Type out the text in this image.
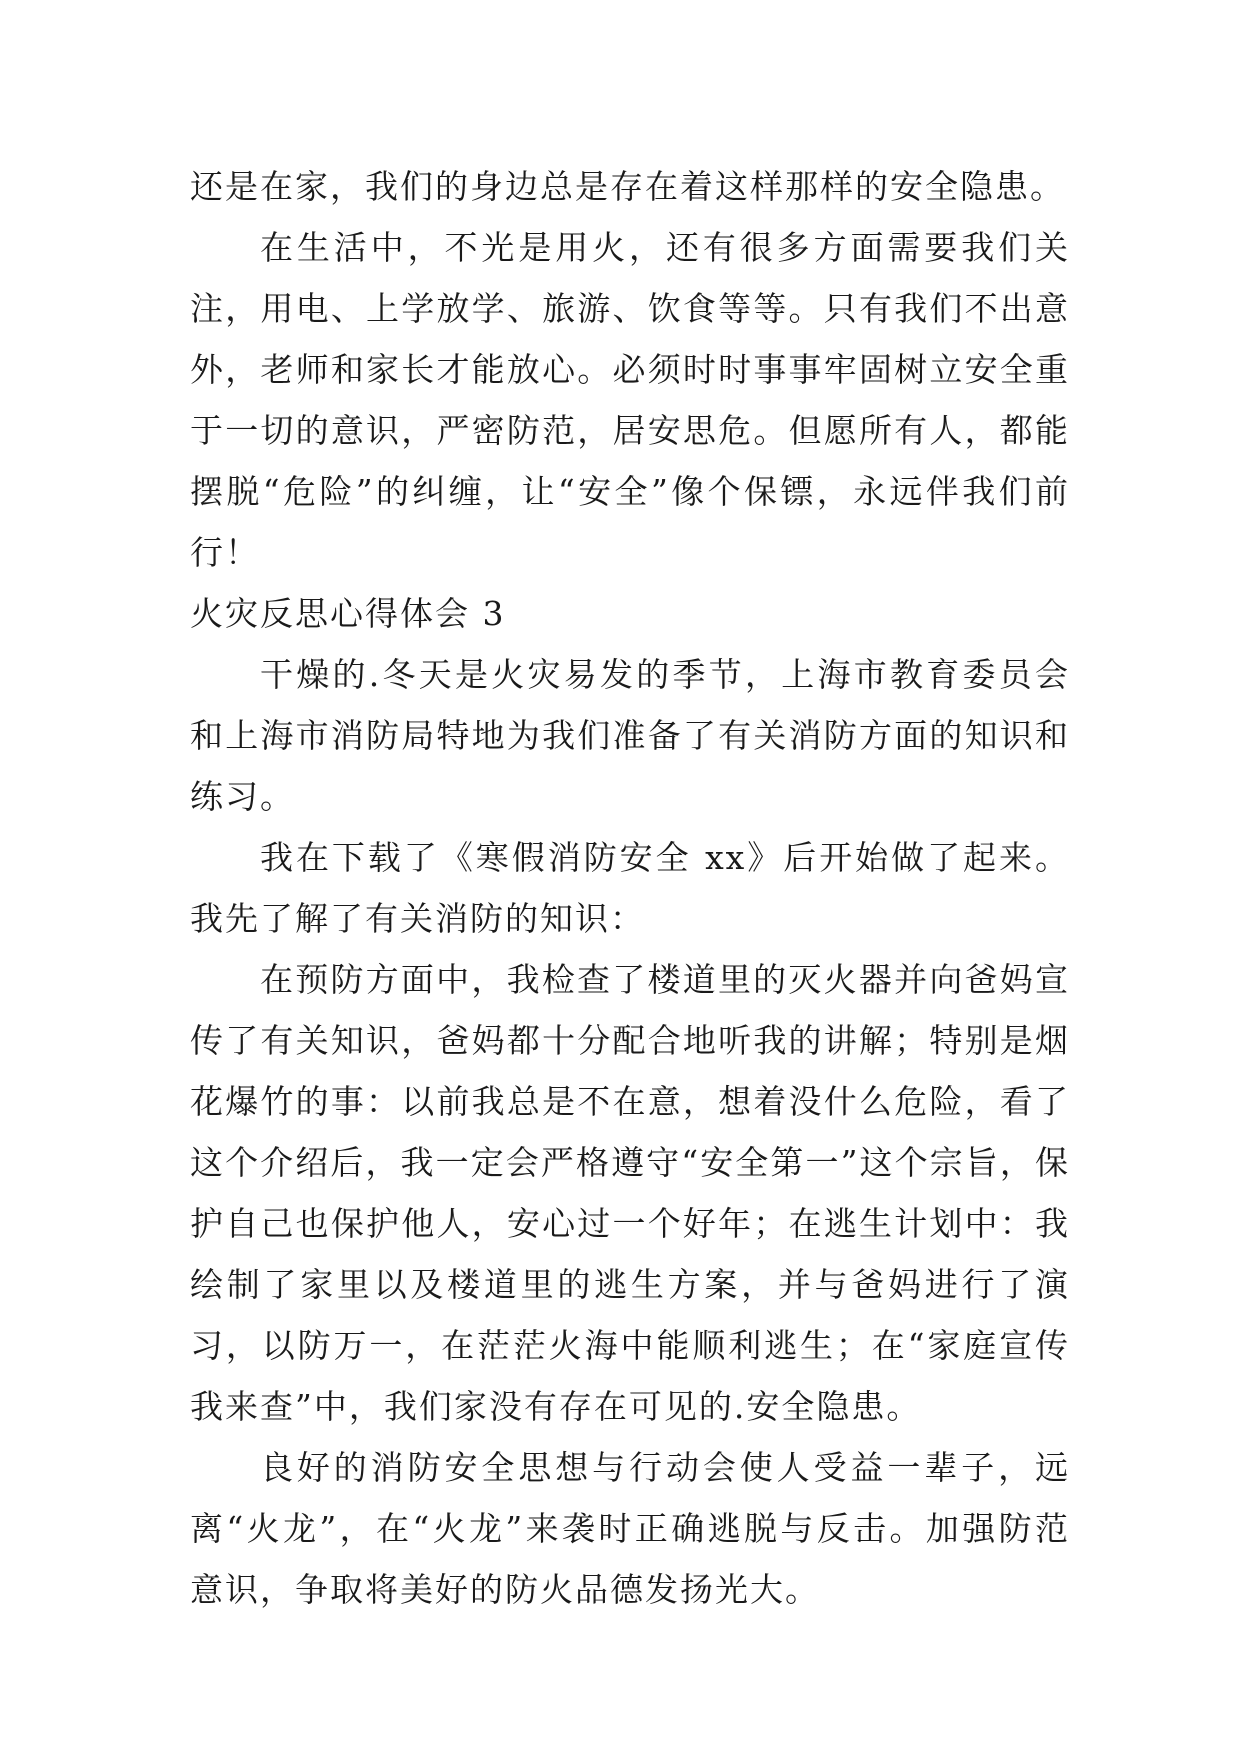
还是在家，我们的身边总是存在着这样那样的安全隐患。

在生活中，不光是用火，还有很多方面需要我们关注，用电、上学放学、旅游、饮食等等。只有我们不出意外，老师和家长才能放心。必须时时事事牢固树立安全重于一切的意识，严密防范，居安思危。但愿所有人，都能摆脱“危险”的纠缠，让“安全”像个保镖，永远伴我们前行！

火灾反思心得体会 3

干燥的.冬天是火灾易发的季节，上海市教育委员会和上海市消防局特地为我们准备了有关消防方面的知识和练习。

我在下载了《寒假消防安全 xx》后开始做了起来。我先了解了有关消防的知识：

在预防方面中，我检查了楼道里的灭火器并向爸妈宣传了有关知识，爸妈都十分配合地听我的讲解；特别是烟花爆竹的事：以前我总是不在意，想着没什么危险，看了这个介绍后，我一定会严格遵守“安全第一”这个宗旨，保护自己也保护他人，安心过一个好年；在逃生计划中：我绘制了家里以及楼道里的逃生方案，并与爸妈进行了演习，以防万一，在茫茫火海中能顺利逃生；在“家庭宣传我来查”中，我们家没有存在可见的.安全隐患。

良好的消防安全思想与行动会使人受益一辈子，远离“火龙”，在“火龙”来袭时正确逃脱与反击。加强防范意识，争取将美好的防火品德发扬光大。
